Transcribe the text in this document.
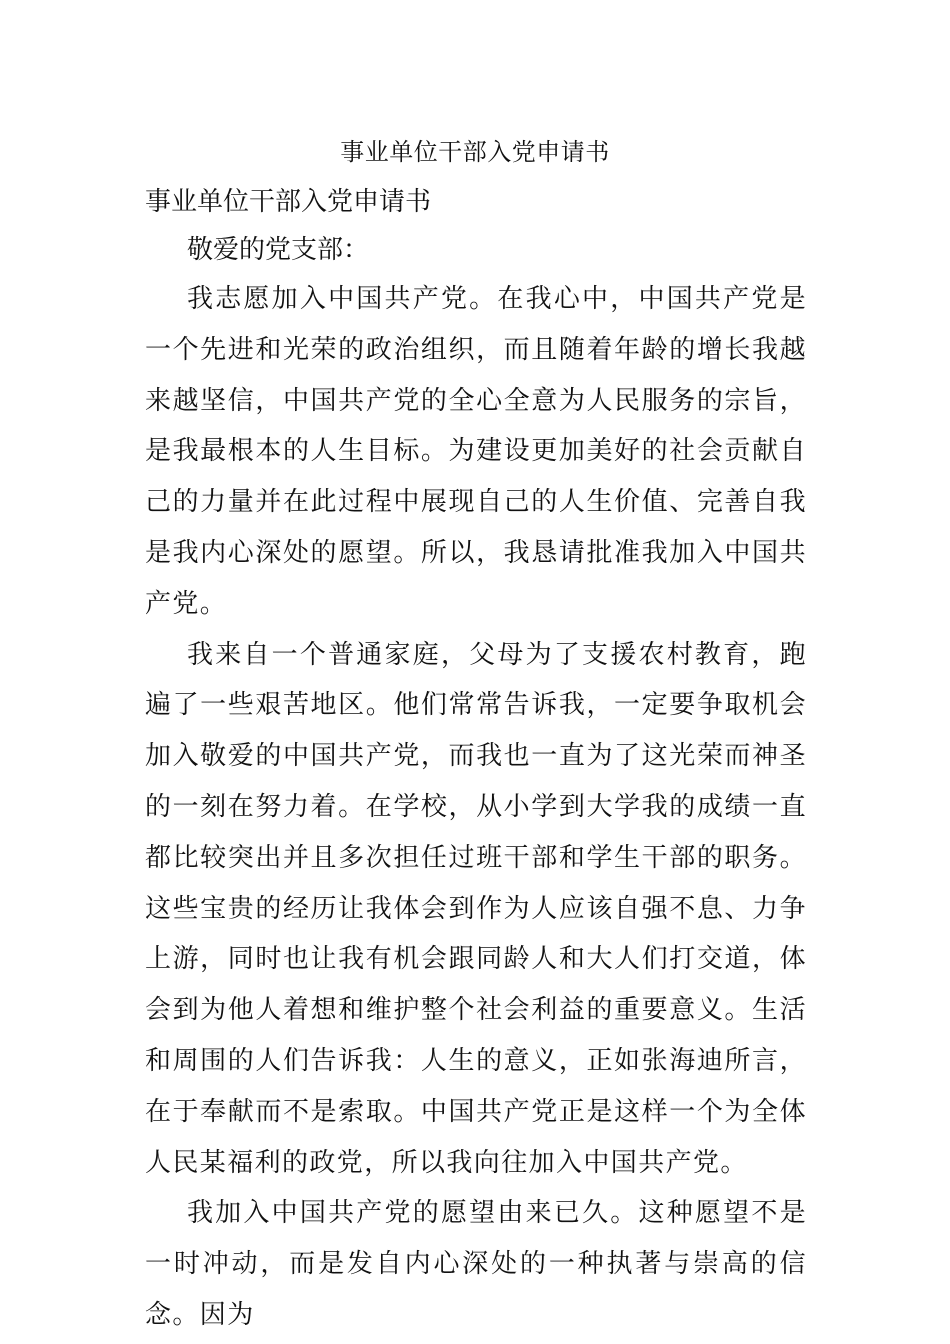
事业单位干部入党申请书

事业单位干部入党申请书

敬爱的党支部：

我志愿加入中国共产党。在我心中，中国共产党是一个先进和光荣的政治组织，而且随着年龄的增长我越来越坚信，中国共产党的全心全意为人民服务的宗旨，是我最根本的人生目标。为建设更加美好的社会贡献自己的力量并在此过程中展现自己的人生价值、完善自我是我内心深处的愿望。所以，我恳请批准我加入中国共产党。

我来自一个普通家庭，父母为了支援农村教育，跑遍了一些艰苦地区。他们常常告诉我，一定要争取机会加入敬爱的中国共产党，而我也一直为了这光荣而神圣的一刻在努力着。在学校，从小学到大学我的成绩一直都比较突出并且多次担任过班干部和学生干部的职务。这些宝贵的经历让我体会到作为人应该自强不息、力争上游，同时也让我有机会跟同龄人和大人们打交道，体会到为他人着想和维护整个社会利益的重要意义。生活和周围的人们告诉我：人生的意义，正如张海迪所言，在于奉献而不是索取。中国共产党正是这样一个为全体人民某福利的政党，所以我向往加入中国共产党。

我加入中国共产党的愿望由来已久。这种愿望不是一时冲动，而是发自内心深处的一种执著与崇高的信念。因为
